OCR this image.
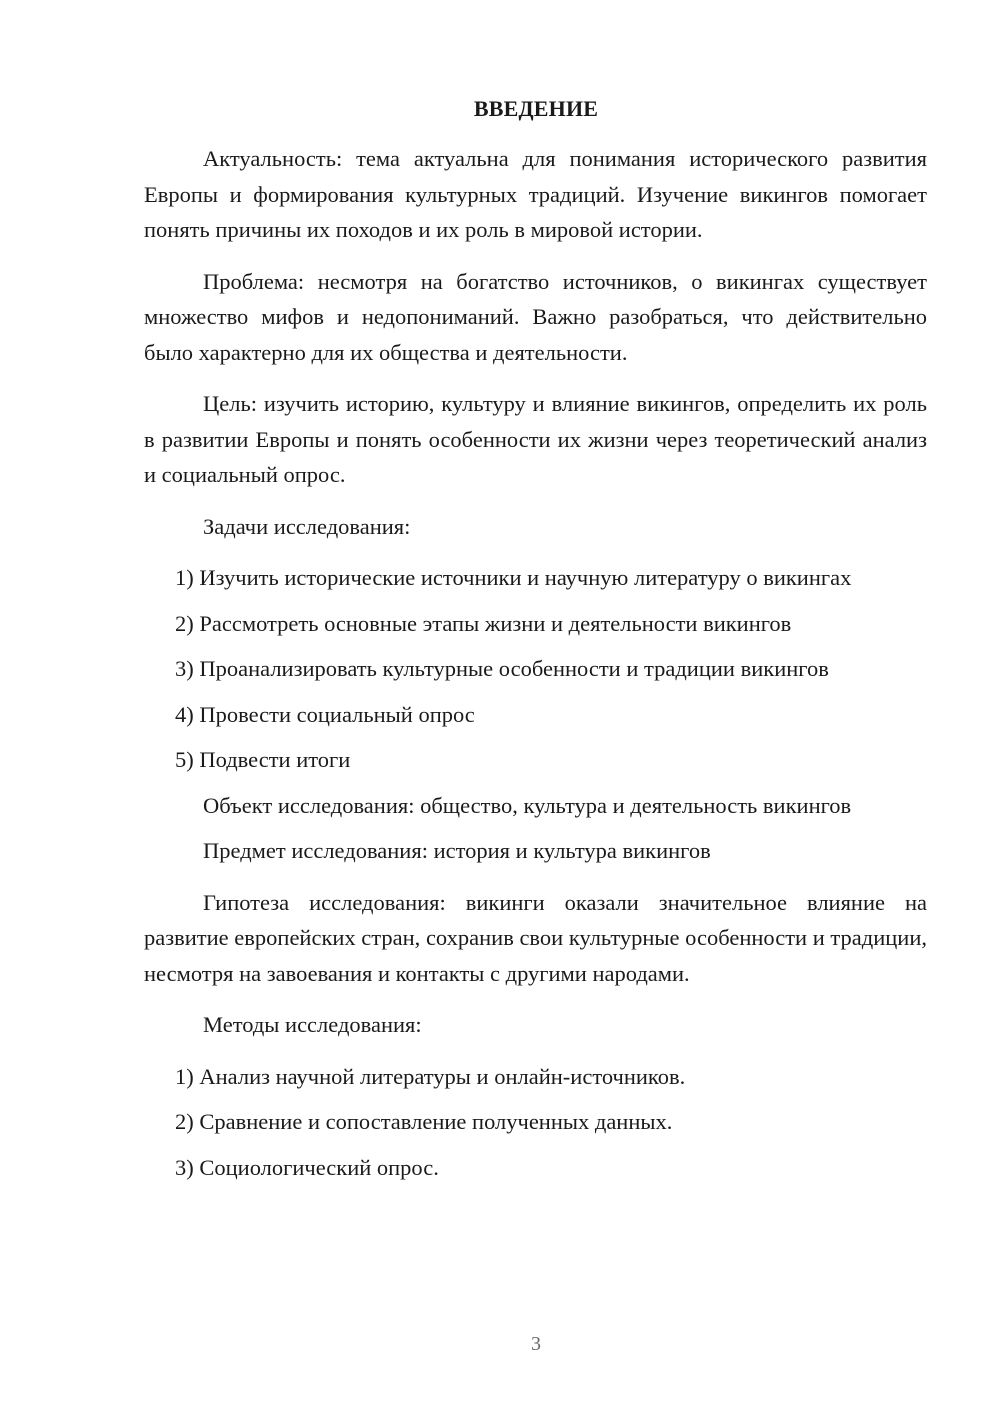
ВВЕДЕНИЕ

Актуальность: тема актуальна для понимания исторического развития Европы и формирования культурных традиций. Изучение викингов помогает понять причины их походов и их роль в мировой истории.

Проблема: несмотря на богатство источников, о викингах существует множество мифов и недопониманий. Важно разобраться, что действительно было характерно для их общества и деятельности.

Цель: изучить историю, культуру и влияние викингов, определить их роль в развитии Европы и понять особенности их жизни через теоретический анализ и социальный опрос.

Задачи исследования:

1) Изучить исторические источники и научную литературу о викингах
2) Рассмотреть основные этапы жизни и деятельности викингов
3) Проанализировать культурные особенности и традиции викингов
4) Провести социальный опрос
5) Подвести итоги

Объект исследования: общество, культура и деятельность викингов

Предмет исследования: история и культура викингов

Гипотеза исследования: викинги оказали значительное влияние на развитие европейских стран, сохранив свои культурные особенности и традиции, несмотря на завоевания и контакты с другими народами.

Методы исследования:

1) Анализ научной литературы и онлайн-источников.
2) Сравнение и сопоставление полученных данных.
3) Социологический опрос.
3
